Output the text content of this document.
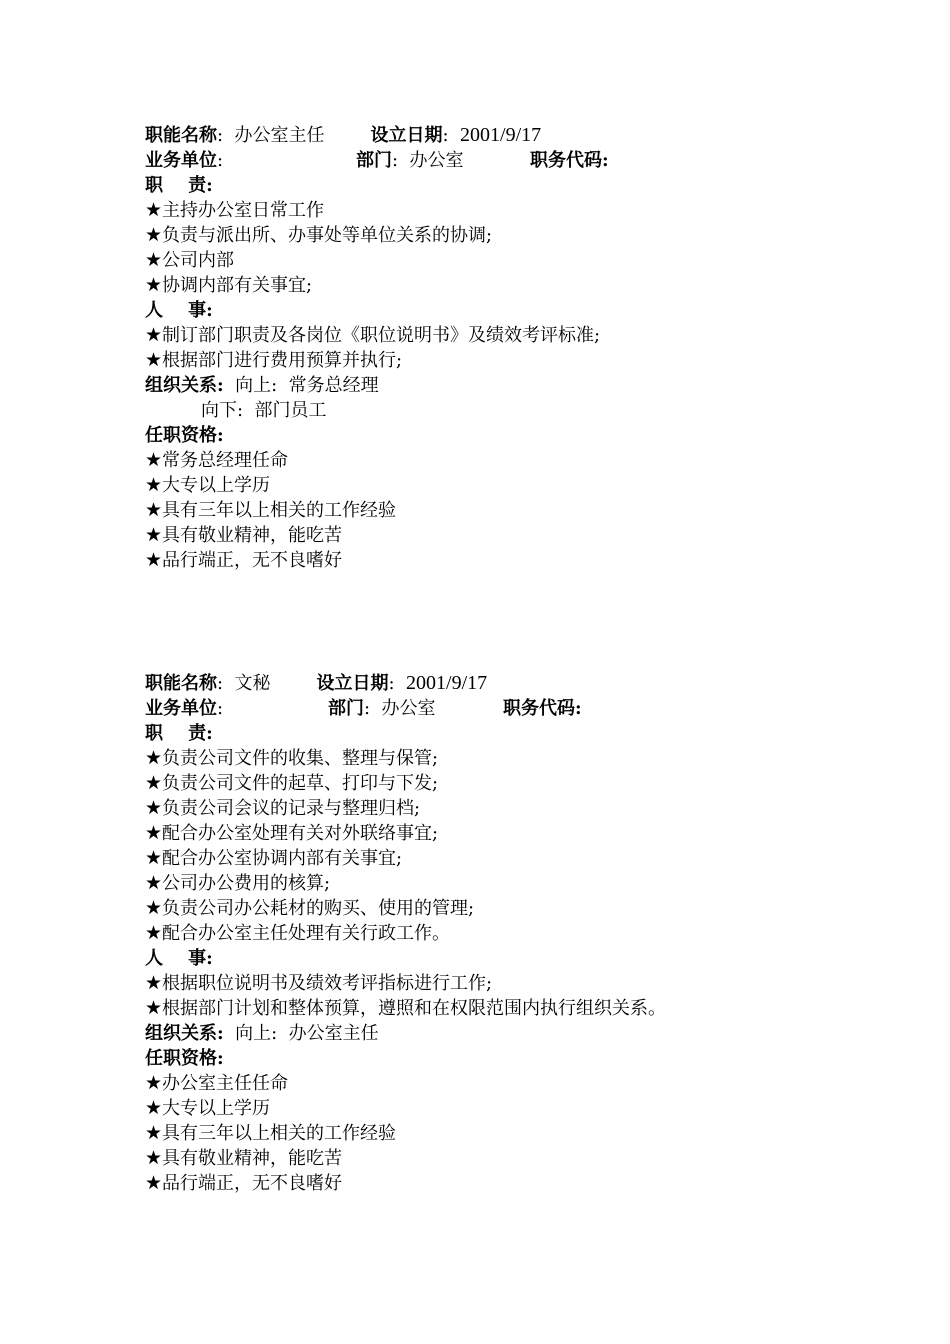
职能名称:  办公室主任	设立日期:  2001/9/17
业务单位:	部门:  办公室	职务代码:
职    责:
★主持办公室日常工作
★负责与派出所、办事处等单位关系的协调;
★公司内部
★协调内部有关事宜;
人    事:
★制订部门职责及各岗位《职位说明书》及绩效考评标准;
★根据部门进行费用预算并执行;
组织关系: 向上:  常务总经理
向下:  部门员工
任职资格:
★常务总经理任命
★大专以上学历
★具有三年以上相关的工作经验
★具有敬业精神，能吃苦
★品行端正，无不良嗜好
职能名称:  文秘	设立日期:  2001/9/17
业务单位:	部门:  办公室	职务代码:
职    责:
★负责公司文件的收集、整理与保管;
★负责公司文件的起草、打印与下发;
★负责公司会议的记录与整理归档;
★配合办公室处理有关对外联络事宜;
★配合办公室协调内部有关事宜;
★公司办公费用的核算;
★负责公司办公耗材的购买、使用的管理;
★配合办公室主任处理有关行政工作。
人    事:
★根据职位说明书及绩效考评指标进行工作;
★根据部门计划和整体预算，遵照和在权限范围内执行组织关系。
组织关系: 向上:  办公室主任
任职资格:
★办公室主任任命
★大专以上学历
★具有三年以上相关的工作经验
★具有敬业精神，能吃苦
★品行端正，无不良嗜好
